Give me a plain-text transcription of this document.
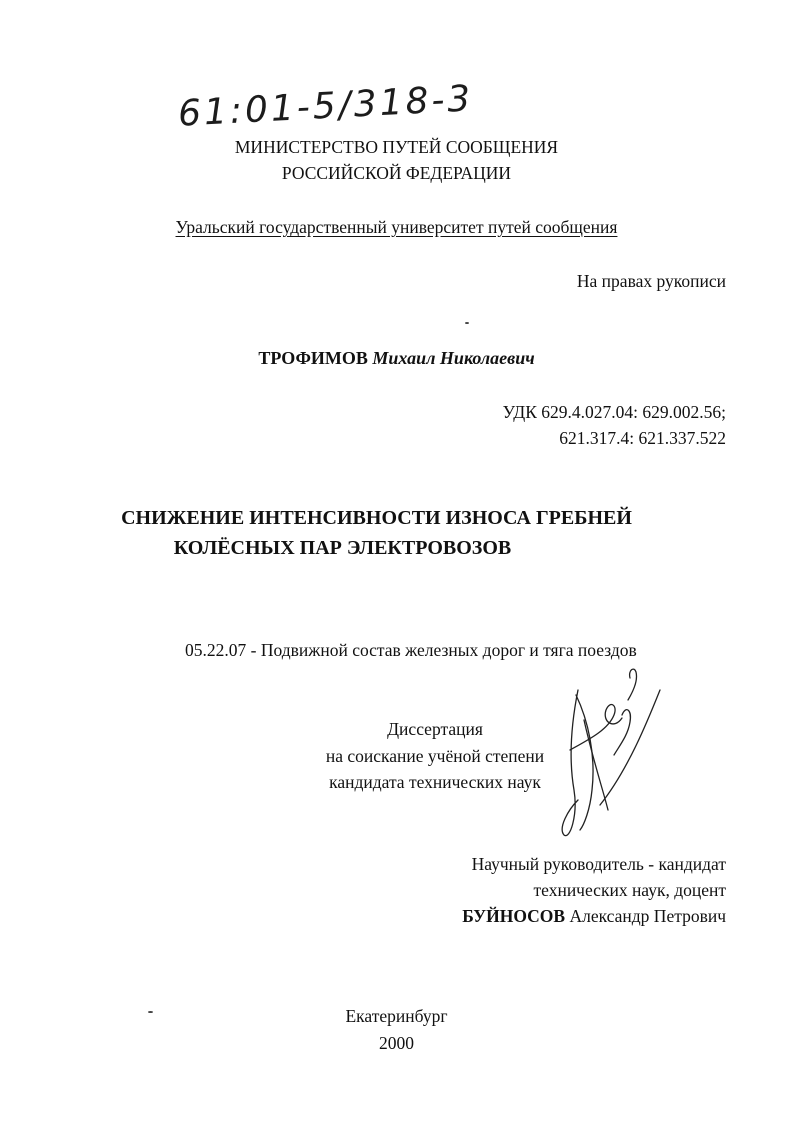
61:01-5/318-3
МИНИСТЕРСТВО ПУТЕЙ СООБЩЕНИЯ
РОССИЙСКОЙ ФЕДЕРАЦИИ
Уральский государственный университет путей сообщения
На правах рукописи
ТРОФИМОВ Михаил Николаевич
УДК 629.4.027.04: 629.002.56;
621.317.4: 621.337.522
СНИЖЕНИЕ ИНТЕНСИВНОСТИ ИЗНОСА ГРЕБНЕЙ
КОЛЁСНЫХ ПАР ЭЛЕКТРОВОЗОВ
05.22.07 - Подвижной состав железных дорог и тяга поездов
Диссертация
на соискание учёной степени
кандидата технических наук
Научный руководитель - кандидат
технических наук, доцент
БУЙНОСОВ Александр Петрович
Екатеринбург
2000
